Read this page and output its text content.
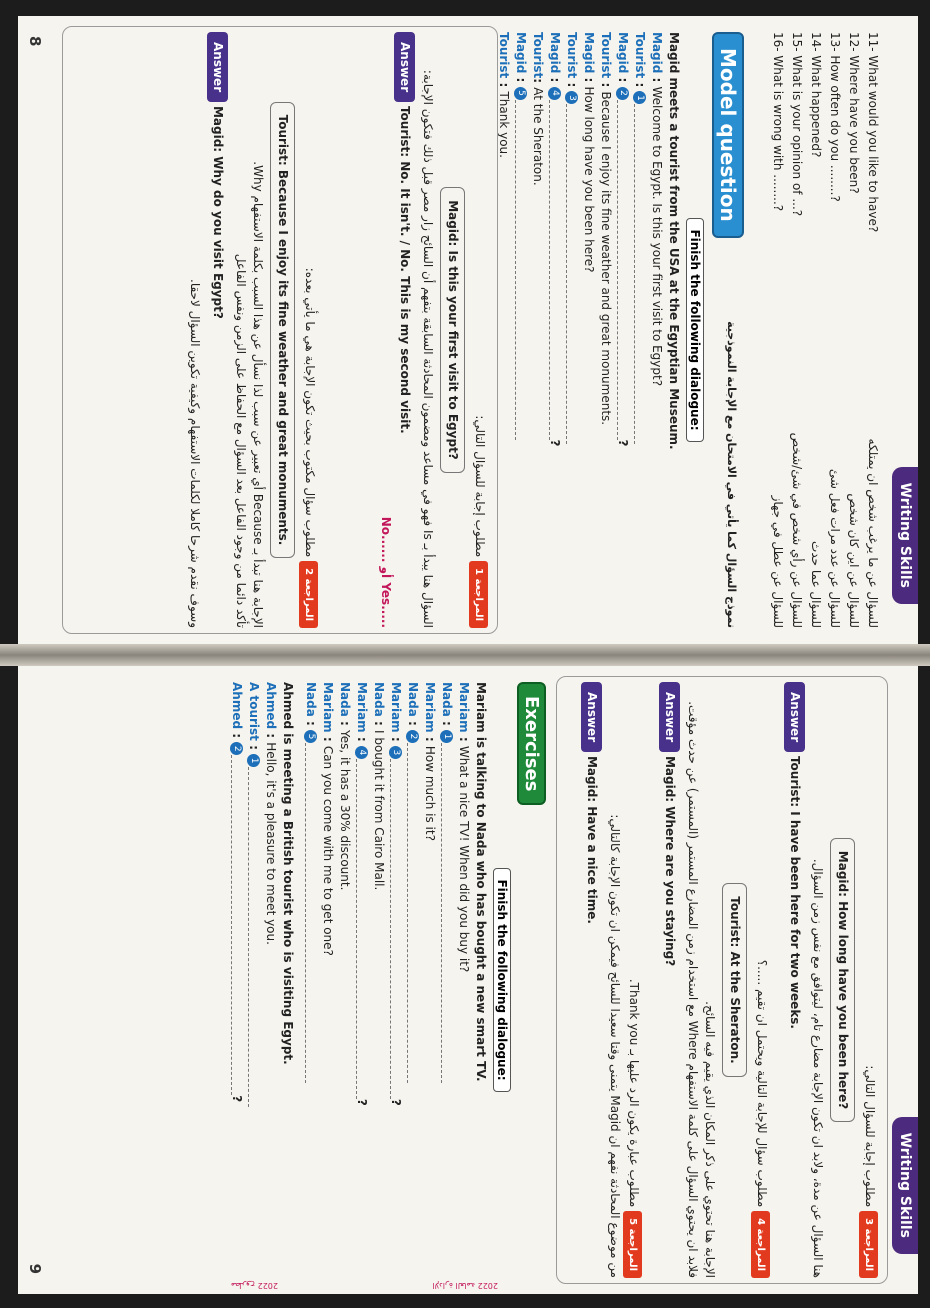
Writing Skills
11- What would you like to have?
للسؤال عن ما يرغب شخص ان يمتلكه
12- Where have you been?
للسؤال عن اين كان شخص
13- How often do you ........?
للسؤال عن عدد مرات فعل شئ
14- What happened?
للسؤال عما حدث
15- What is your opinion of ...?
للسؤال عن رأي شخص في شئ/شخص
16- What is wrong with ........?
للسؤال عن عطل في جهاز
Model question
نموذج السؤال كما يأتي في الامتحان مع الإجابة النموذجية
Finish the following dialogue:
Magid meets a tourist from the USA at the Egyptian Museum.
Magid : Welcome to Egypt. Is this your first visit to Egypt?
Tourist : 1
Magid : 2?
Tourist : Because I enjoy its fine weather and great monuments.
Magid : How long have you been here?
Tourist : 3
Magid : 4?
Tourist: At the Sheraton.
Magid : 5
Tourist : Thank you.
المراجعة 1 مطلوب إجابة للسؤال التالي:
Magid: Is this your first visit to Egypt?
السؤال هنا يبدأ بـ Is فهو في مساعد ومضمون المحادثة السابقة بتفهم أن السائح زار مصر قبل ذلك فتكون الإجابة:
Answer Tourist: No. It isn't. / No. This is my second visit.
No...... أو Yes.....
المراجعة 2 مطلوب سؤال مكتوب بحيث تكون الإجابة هي ما يأتي بعده:
Tourist: Because I enjoy its fine weather and great monuments.
الإجابة هنا تبدأ بـ Because أي تعبير عن سبب لذا نسأل عن هذا السبب بكلمة الاستفهام Why.
تأكد دائما من وجود الفاعل بعد السؤال مع الحفاظ على الزمن ونفس الفاعل
Answer Magid: Why do you visit Egypt?
وسوف نقدم شرحا كاملا لكلمات الاستفهام وكيفية تكوين السؤال لاحقا.
8
Writing Skills
المراجعة 3 مطلوب إجابة للسؤال التالي:
Magid: How long have you been here?
هنا السؤال عن مدة، ولابد ان تكون الإجابة مضارع تام، ليتوافق مع نفس زمن السؤال.
Answer Tourist: I have been here for two weeks.
المراجعة 4 مطلوب سؤال للإجابة التالية ويحتمل ان تقيم .....؟
Tourist: At the Sheraton.
الإجابة هنا تحتوي على ذكر المكان الذي يقيم فيه السائح.
فلابد ان يحتوي السؤال على كلمة الاستفهام Where مع استخدام زمن المضارع المستمر (المستمر) عن حدث مؤقت.
Answer Magid: Where are you staying?
المراجعة 5 مطلوب عبارة يكون الرد عليها بـ Thank you.
من موضوع المحادثة نفهم ان Magid يتمنى وقتا سعيدا للسائح فيمكن ان تكون الإجابة كالتالي:
Answer Magid: Have a nice time.
Exercises
Finish the following dialogue:
Mariam is talking to Nada who has bought a new smart TV.
Mariam : What a nice TV! When did you buy it?
Nada : 1
Mariam : How much is it?
Nada : 2
Mariam : 3?
Nada : I bought it from Cairo Mall.
Mariam : 4?
Nada : Yes, it has a 30% discount.
Mariam : Can you come with me to get one?
Nada : 5
Ahmed is meeting a British tourist who is visiting Egypt.
Ahmed : Hello, it's a pleasure to meet you.
A tourist : 1
Ahmed : 2?
الإدارة العامة 2022
مطروح 2022
9
